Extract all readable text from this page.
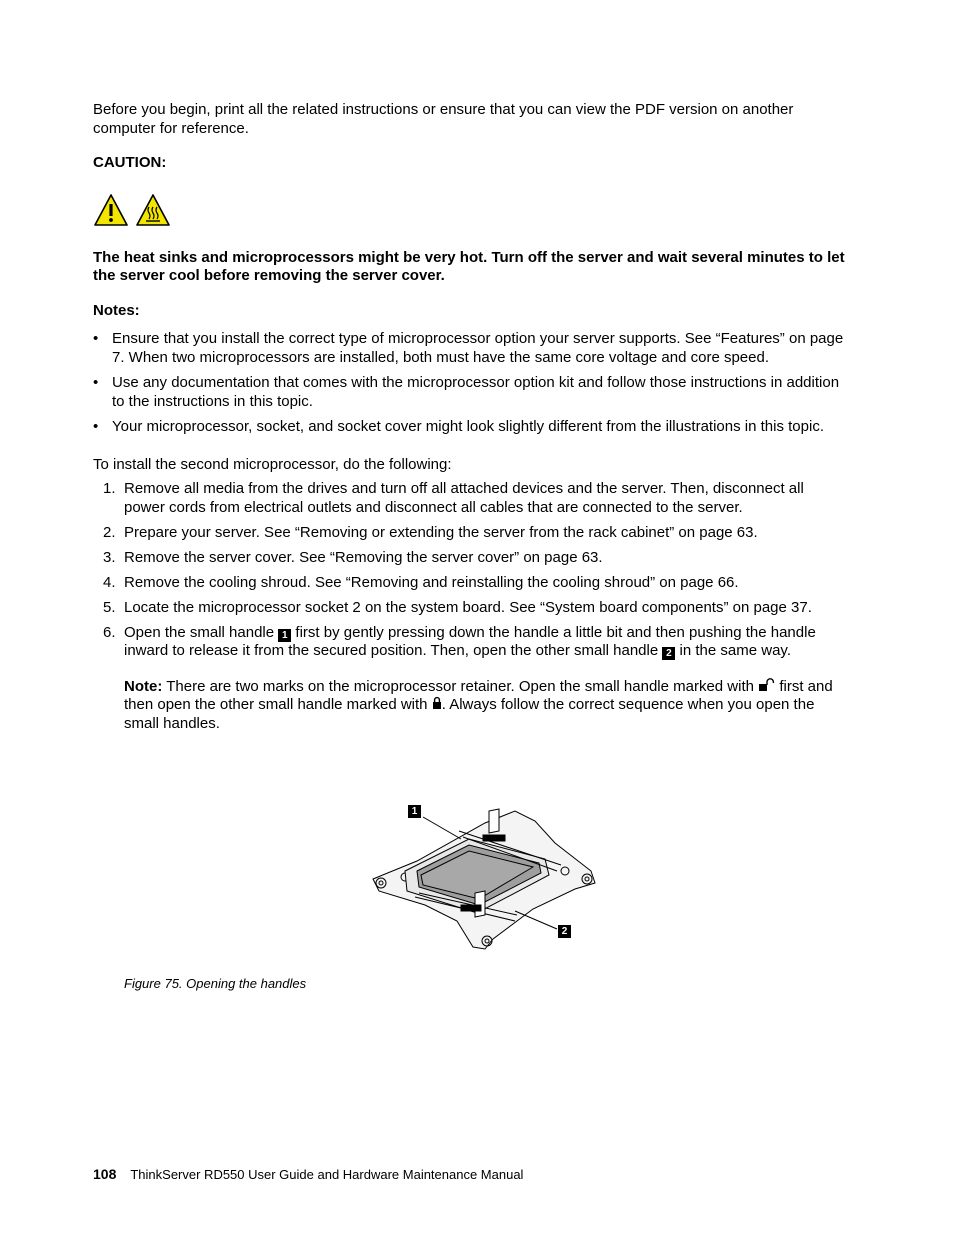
Before you begin, print all the related instructions or ensure that you can view the PDF version on another computer for reference.

CAUTION:

The heat sinks and microprocessors might be very hot. Turn off the server and wait several minutes to let the server cool before removing the server cover.

Notes:

• Ensure that you install the correct type of microprocessor option your server supports. See “Features” on page 7. When two microprocessors are installed, both must have the same core voltage and core speed.
• Use any documentation that comes with the microprocessor option kit and follow those instructions in addition to the instructions in this topic.
• Your microprocessor, socket, and socket cover might look slightly different from the illustrations in this topic.

To install the second microprocessor, do the following:

1. Remove all media from the drives and turn off all attached devices and the server. Then, disconnect all power cords from electrical outlets and disconnect all cables that are connected to the server.
2. Prepare your server. See “Removing or extending the server from the rack cabinet” on page 63.
3. Remove the server cover. See “Removing the server cover” on page 63.
4. Remove the cooling shroud. See “Removing and reinstalling the cooling shroud” on page 66.
5. Locate the microprocessor socket 2 on the system board. See “System board components” on page 37.
6. Open the small handle 1 first by gently pressing down the handle a little bit and then pushing the handle inward to release it from the secured position. Then, open the other small handle 2 in the same way.

Note: There are two marks on the microprocessor retainer. Open the small handle marked with  first and then open the other small handle marked with . Always follow the correct sequence when you open the small handles.

1
2

Figure 75. Opening the handles

108 ThinkServer RD550 User Guide and Hardware Maintenance Manual
